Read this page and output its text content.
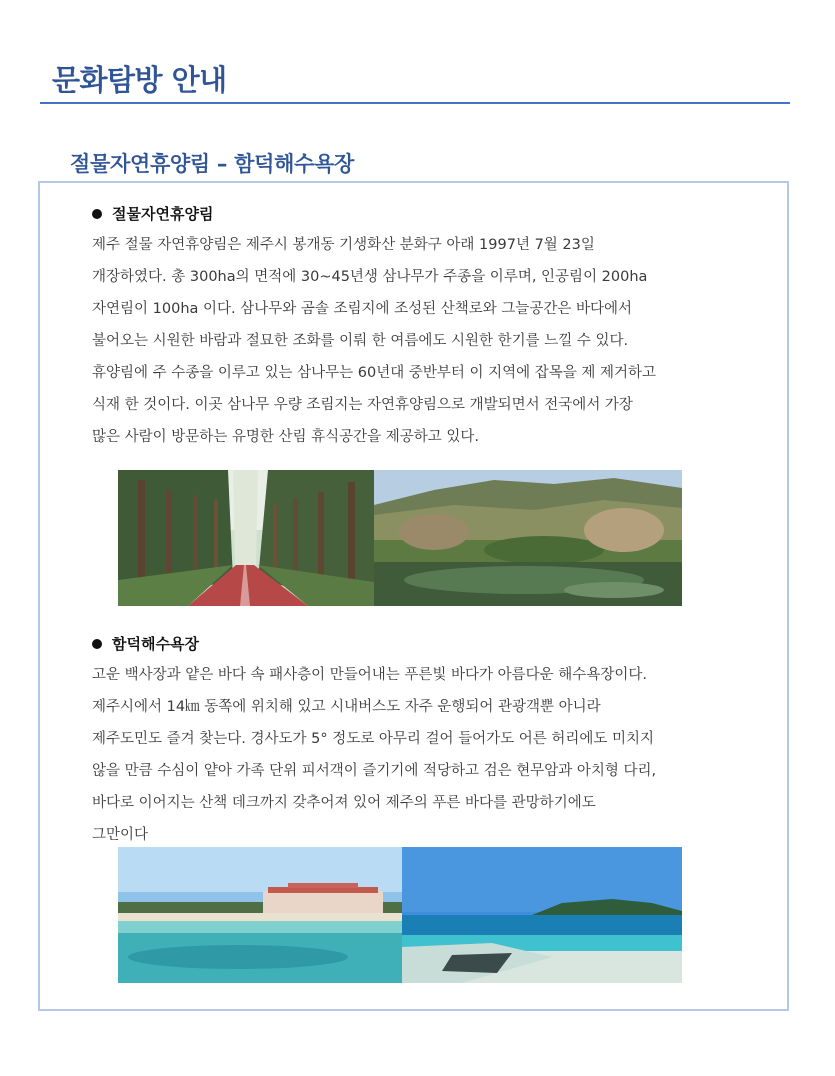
문화탐방 안내
절물자연휴양림 – 함덕해수욕장
절물자연휴양림
제주 절물 자연휴양림은 제주시 봉개동 기생화산 분화구 아래 1997년 7월 23일
개장하였다. 총 300ha의 면적에 30~45년생 삼나무가 주종을 이루며, 인공림이 200ha
자연림이 100ha 이다. 삼나무와 곰솔 조림지에 조성된 산책로와 그늘공간은 바다에서
불어오는 시원한 바람과 절묘한 조화를 이뤄 한 여름에도 시원한 한기를 느낄 수 있다.
휴양림에 주 수종을 이루고 있는 삼나무는 60년대 중반부터 이 지역에 잡목을 제 제거하고
식재 한 것이다. 이곳 삼나무 우량 조림지는 자연휴양림으로 개발되면서 전국에서 가장
많은 사람이 방문하는 유명한 산림 휴식공간을 제공하고 있다.
함덕해수욕장
고운 백사장과 얕은 바다 속 패사층이 만들어내는 푸른빛 바다가 아름다운 해수욕장이다.
제주시에서 14㎞ 동쪽에 위치해 있고 시내버스도 자주 운행되어 관광객뿐 아니라
제주도민도 즐겨 찾는다. 경사도가 5° 정도로 아무리 걸어 들어가도 어른 허리에도 미치지
않을 만큼 수심이 얕아 가족 단위 피서객이 즐기기에 적당하고 검은 현무암과 아치형 다리,
바다로 이어지는 산책 데크까지 갖추어져 있어 제주의 푸른 바다를 관망하기에도
그만이다
